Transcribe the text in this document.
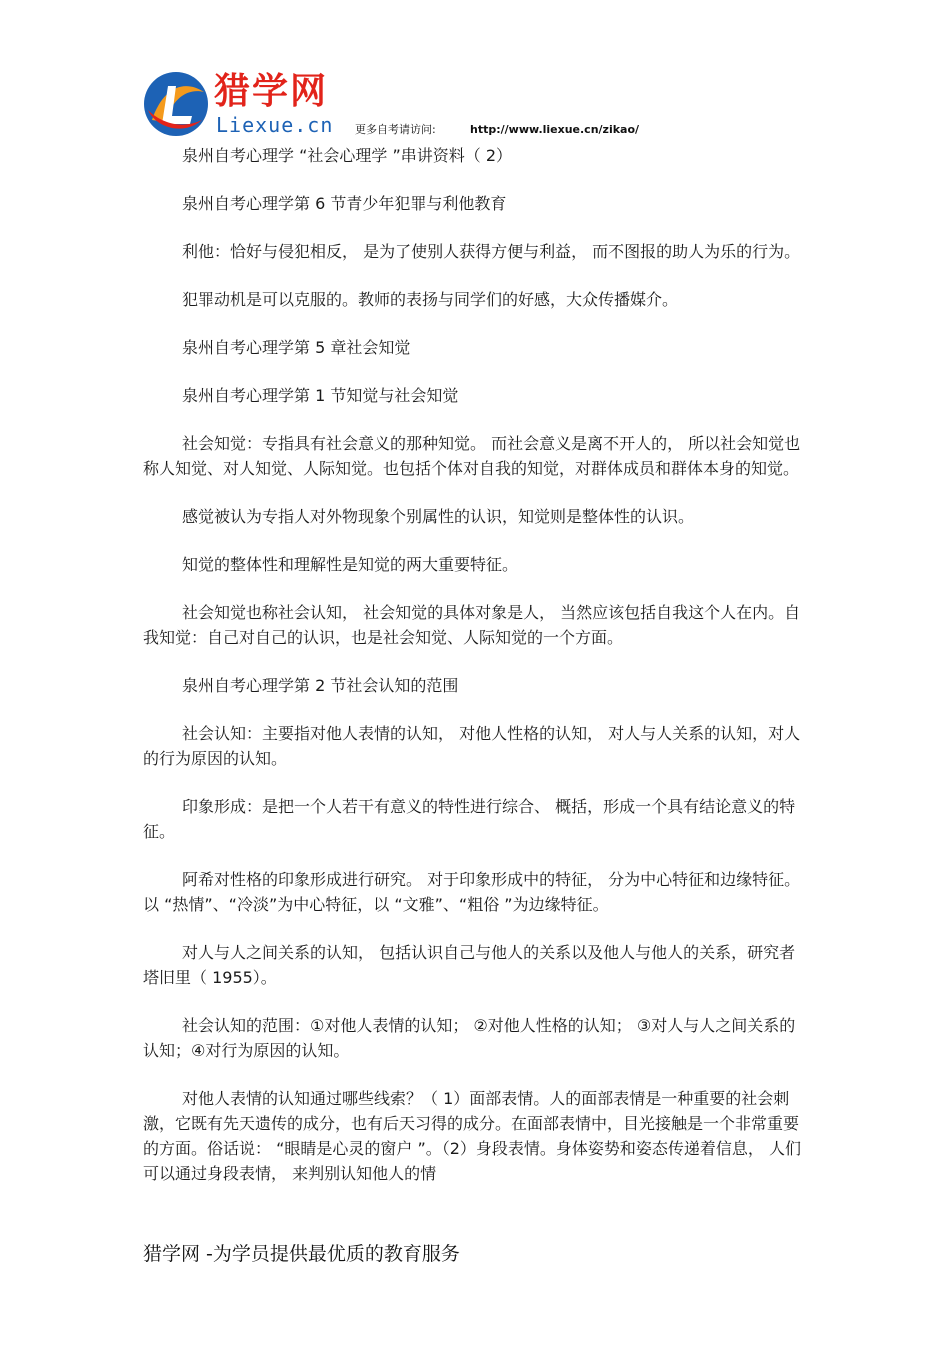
猎学网
Liexue.cn 更多自考请访问:	http://www.liexue.cn/zikao/

泉州自考心理学 “社会心理学 ”串讲资料（ 2）

泉州自考心理学第 6 节青少年犯罪与利他教育

利他：恰好与侵犯相反， 是为了使别人获得方便与利益， 而不图报的助人为乐的行为。

犯罪动机是可以克服的。教师的表扬与同学们的好感，大众传播媒介。

泉州自考心理学第 5 章社会知觉

泉州自考心理学第 1 节知觉与社会知觉

社会知觉：专指具有社会意义的那种知觉。 而社会意义是离不开人的， 所以社会知觉也称人知觉、对人知觉、人际知觉。也包括个体对自我的知觉，对群体成员和群体本身的知觉。

感觉被认为专指人对外物现象个别属性的认识，知觉则是整体性的认识。

知觉的整体性和理解性是知觉的两大重要特征。

社会知觉也称社会认知， 社会知觉的具体对象是人， 当然应该包括自我这个人在内。自我知觉：自己对自己的认识，也是社会知觉、人际知觉的一个方面。

泉州自考心理学第 2 节社会认知的范围

社会认知：主要指对他人表情的认知， 对他人性格的认知， 对人与人关系的认知，对人的行为原因的认知。

印象形成：是把一个人若干有意义的特性进行综合、 概括，形成一个具有结论意义的特征。

阿希对性格的印象形成进行研究。 对于印象形成中的特征， 分为中心特征和边缘特征。以 “热情”、“冷淡”为中心特征，以 “文雅”、“粗俗 ”为边缘特征。

对人与人之间关系的认知， 包括认识自己与他人的关系以及他人与他人的关系，研究者塔旧里（ 1955）。

社会认知的范围：①对他人表情的认知； ②对他人性格的认知； ③对人与人之间关系的认知；④对行为原因的认知。

对他人表情的认知通过哪些线索？（ 1）面部表情。人的面部表情是一种重要的社会刺激，它既有先天遗传的成分，也有后天习得的成分。在面部表情中，目光接触是一个非常重要的方面。俗话说： “眼睛是心灵的窗户 ”。（2）身段表情。身体姿势和姿态传递着信息， 人们可以通过身段表情， 来判别认知他人的情

猎学网 -为学员提供最优质的教育服务
